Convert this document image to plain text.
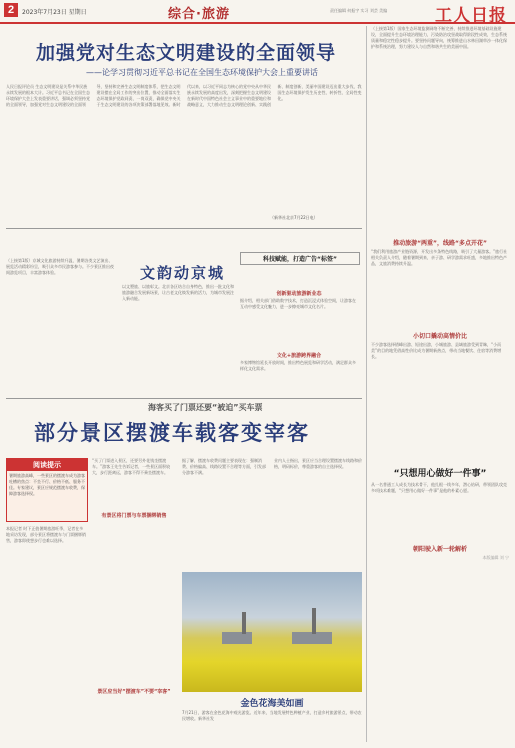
2	2023年7月23日 星期日	综合·旅游	责任编辑 何振宇 实习 刘芸 美编	工人日报
加强党对生态文明建设的全面领导
——论学习贯彻习近平总书记在全国生态环境保护大会上重要讲话
人民日报评论员 生态文明建设是关系中华民族永续发展的根本大计。习近平总书记在全国生态环境保护大会上发表重要讲话，强调必须坚持党的全面领导，加强党对生态文明建设的全面领导，坚持和完善生态文明制度体系，把生态文明建设摆在全局工作的突出位置，推动全面落实生态环境保护党政同责、一岗双责，确保党中央关于生态文明建设的各项决策部署落地见效。新时代以来，以习近平同志为核心的党中央从中华民族永续发展的高度出发，深刻把握生态文明建设在新时代中国特色社会主义事业中的重要地位和战略意义，大力推动生态文明理论创新、实践创新、制度创新，美丽中国建设迈出重大步伐，我国生态环境保护发生历史性、转折性、全局性变化。
（新华社北京7月22日电）
文韵动京城
科技赋能，打造广告“标签”
（上接第1版）京城文化旅游持续升温，暑期各类文艺演出、展览活动精彩纷呈，吸引众多市民游客参与。不少景区推出夜间游览项目，丰富游客体验。
以文塑旅、以旅彰文。北京各区结合自身特色，推出一批文化和旅游融合发展新场景，让古老文化焕发新的活力，为城市发展注入新动能。
创新驱动旅游新业态
据介绍，相关部门借助数字技术，打造沉浸式体验空间，让游客在互动中感受文化魅力，进一步擦亮城市文化名片。
文化+旅游跨界融合
多家博物馆延长开放时间，推出特色展览和研学活动，满足群众多样化文化需求。
海客买了门票还要“被迫”买车票
部分景区摆渡车载客变宰客
阅读提示
暑期旅游高峰，一些景区的摆渡车成为游客吐槽的焦点：不坐不行、价格不低、服务不佳。专家建议，景区应规范摆渡车收费，保障游客选择权。
本报记者 时下正值暑期旅游旺季，记者在多地采访发现，部分景区将摆渡车与门票捆绑销售，游客即使想步行也难以选择。
“买了门票进入景区，还要另外花钱坐摆渡车。”游客王先生告诉记者，一些景区面积较大，步行距离远，游客不得不乘坐摆渡车。
有景区将门票与车票捆绑销售
景区应当好“摆渡车”不要“宰客”
据了解，摆渡车收费问题主要表现在：强制消费、价格偏高、线路设置不合理等方面，引发部分游客不满。
业内人士指出，景区应当合理设置摆渡车线路和价格，明码标价，尊重游客的自主选择权。
金色花海美如画
7月21日，游客在金色花海中观光游览。近年来，当地发展特色种植产业，打造乡村旅游景点，带动农民增收。新华社发
（上接第1版）国家生态环境监测网络不断完善，持续推进环境基础设施建设，全面提升生态环境治理能力，污染防治攻坚战取得阶段性成效，生态系统质量和稳定性稳步提升。要坚持问题导向，统筹推进山水林田湖草沙一体化保护和系统治理，努力建设人与自然和谐共生的美丽中国。
推动旅游“两重”，线路“多点开花”
“我们利用旅游产业链资源，开发出多条特色线路，吸引了大量游客。”旅行社相关负责人介绍，随着暑期到来，亲子游、研学游需求旺盛，多地推出特色产品，文旅消费持续升温。
小切口撬动高情价比
不少游客选择错峰出游、短途出游，小城旅游、县域旅游受到青睐，“小而美”的目的地凭借高性价比成为暑期新热点，带动当地餐饮、住宿等消费增长。
“只想用心做好一件事”
从一名普通工人成长为技术骨干，他扎根一线多年，潜心钻研，带领团队攻克多项技术难题，“只想用心做好一件事”是他的朴素心愿。
朝阳驶入新一轮解析
本版编辑 刘 宁
